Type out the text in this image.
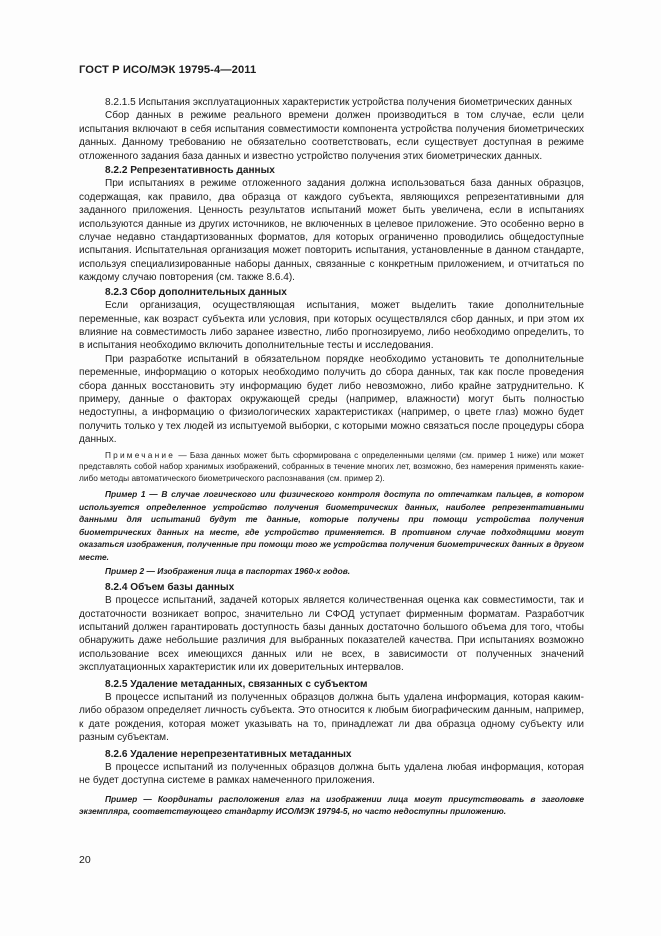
ГОСТ Р ИСО/МЭК 19795-4—2011

8.2.1.5 Испытания эксплуатационных характеристик устройства получения биометрических данных

Сбор данных в режиме реального времени должен производиться в том случае, если цели испытания включают в себя испытания совместимости компонента устройства получения биометрических данных. Данному требованию не обязательно соответствовать, если существует доступная в режиме отложенного задания база данных и известно устройство получения этих биометрических данных.

8.2.2 Репрезентативность данных

При испытаниях в режиме отложенного задания должна использоваться база данных образцов, содержащая, как правило, два образца от каждого субъекта, являющихся репрезентативными для заданного приложения. Ценность результатов испытаний может быть увеличена, если в испытаниях используются данные из других источников, не включенных в целевое приложение. Это особенно верно в случае недавно стандартизованных форматов, для которых ограниченно проводились общедоступные испытания. Испытательная организация может повторить испытания, установленные в данном стандарте, используя специализированные наборы данных, связанные с конкретным приложением, и отчитаться по каждому случаю повторения (см. также 8.6.4).

8.2.3 Сбор дополнительных данных

Если организация, осуществляющая испытания, может выделить такие дополнительные переменные, как возраст субъекта или условия, при которых осуществлялся сбор данных, и при этом их влияние на совместимость либо заранее известно, либо прогнозируемо, либо необходимо определить, то в испытания необходимо включить дополнительные тесты и исследования.

При разработке испытаний в обязательном порядке необходимо установить те дополнительные переменные, информацию о которых необходимо получить до сбора данных, так как после проведения сбора данных восстановить эту информацию будет либо невозможно, либо крайне затруднительно. К примеру, данные о факторах окружающей среды (например, влажности) могут быть полностью недоступны, а информацию о физиологических характеристиках (например, о цвете глаз) можно будет получить только у тех людей из испытуемой выборки, с которыми можно связаться после процедуры сбора данных.

Примечание — База данных может быть сформирована с определенными целями (см. пример 1 ниже) или может представлять собой набор хранимых изображений, собранных в течение многих лет, возможно, без намерения применять какие-либо методы автоматического биометрического распознавания (см. пример 2).

Пример 1 — В случае логического или физического контроля доступа по отпечаткам пальцев, в котором используется определенное устройство получения биометрических данных, наиболее репрезентативными данными для испытаний будут те данные, которые получены при помощи устройства получения биометрических данных на месте, где устройство применяется. В противном случае подходящими могут оказаться изображения, полученные при помощи того же устройства получения биометрических данных в другом месте.

Пример 2 — Изображения лица в паспортах 1960-х годов.

8.2.4 Объем базы данных

В процессе испытаний, задачей которых является количественная оценка как совместимости, так и достаточности возникает вопрос, значительно ли СФОД уступает фирменным форматам. Разработчик испытаний должен гарантировать доступность базы данных достаточно большого объема для того, чтобы обнаружить даже небольшие различия для выбранных показателей качества. При испытаниях возможно использование всех имеющихся данных или не всех, в зависимости от полученных значений эксплуатационных характеристик или их доверительных интервалов.

8.2.5 Удаление метаданных, связанных с субъектом

В процессе испытаний из полученных образцов должна быть удалена информация, которая каким-либо образом определяет личность субъекта. Это относится к любым биографическим данным, например, к дате рождения, которая может указывать на то, принадлежат ли два образца одному субъекту или разным субъектам.

8.2.6 Удаление нерепрезентативных метаданных

В процессе испытаний из полученных образцов должна быть удалена любая информация, которая не будет доступна системе в рамках намеченного приложения.

Пример — Координаты расположения глаз на изображении лица могут присутствовать в заголовке экземпляра, соответствующего стандарту ИСО/МЭК 19794-5, но часто недоступны приложению.

20
